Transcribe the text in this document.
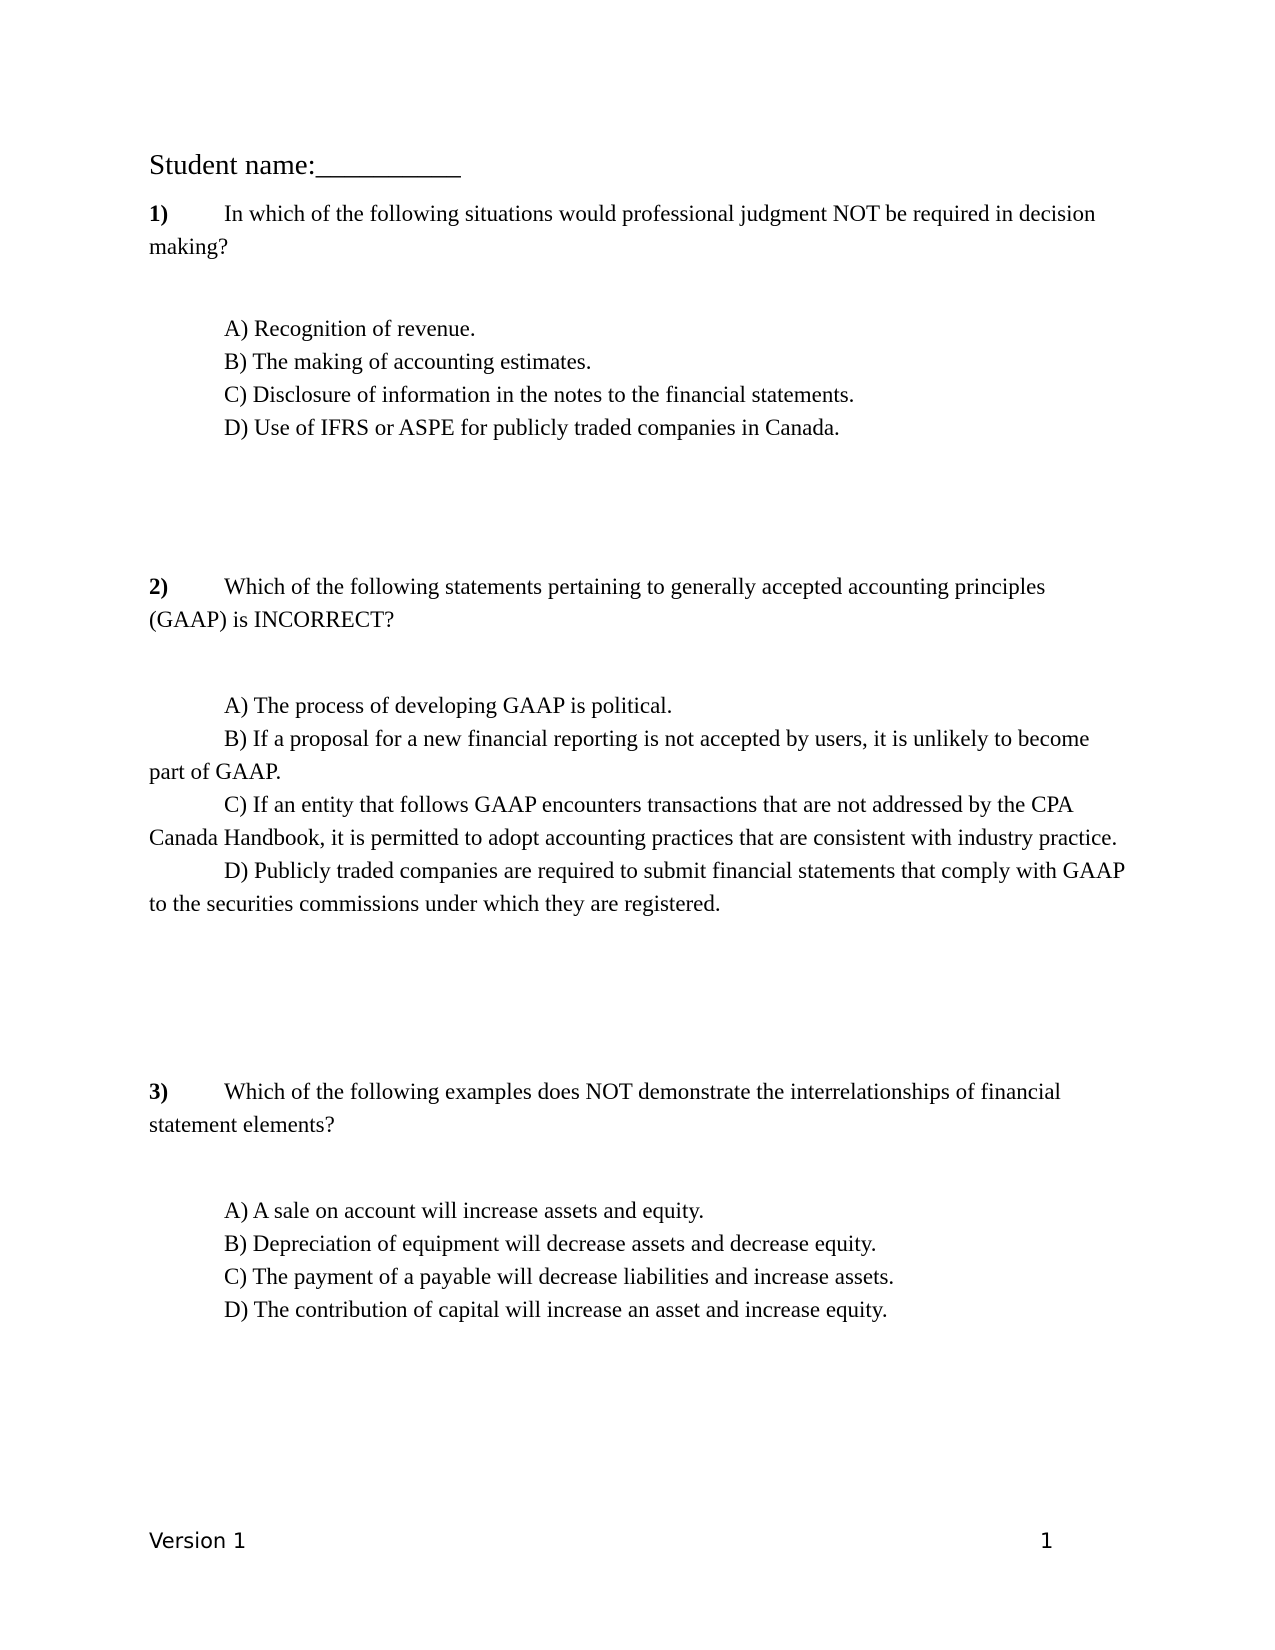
Student name:__________

1) In which of the following situations would professional judgment NOT be required in decision making?

A) Recognition of revenue.
B) The making of accounting estimates.
C) Disclosure of information in the notes to the financial statements.
D) Use of IFRS or ASPE for publicly traded companies in Canada.

2) Which of the following statements pertaining to generally accepted accounting principles (GAAP) is INCORRECT?

A) The process of developing GAAP is political.
B) If a proposal for a new financial reporting is not accepted by users, it is unlikely to become part of GAAP.
C) If an entity that follows GAAP encounters transactions that are not addressed by the CPA Canada Handbook, it is permitted to adopt accounting practices that are consistent with industry practice.
D) Publicly traded companies are required to submit financial statements that comply with GAAP to the securities commissions under which they are registered.

3) Which of the following examples does NOT demonstrate the interrelationships of financial statement elements?

A) A sale on account will increase assets and equity.
B) Depreciation of equipment will decrease assets and decrease equity.
C) The payment of a payable will decrease liabilities and increase assets.
D) The contribution of capital will increase an asset and increase equity.
Version 1	1
